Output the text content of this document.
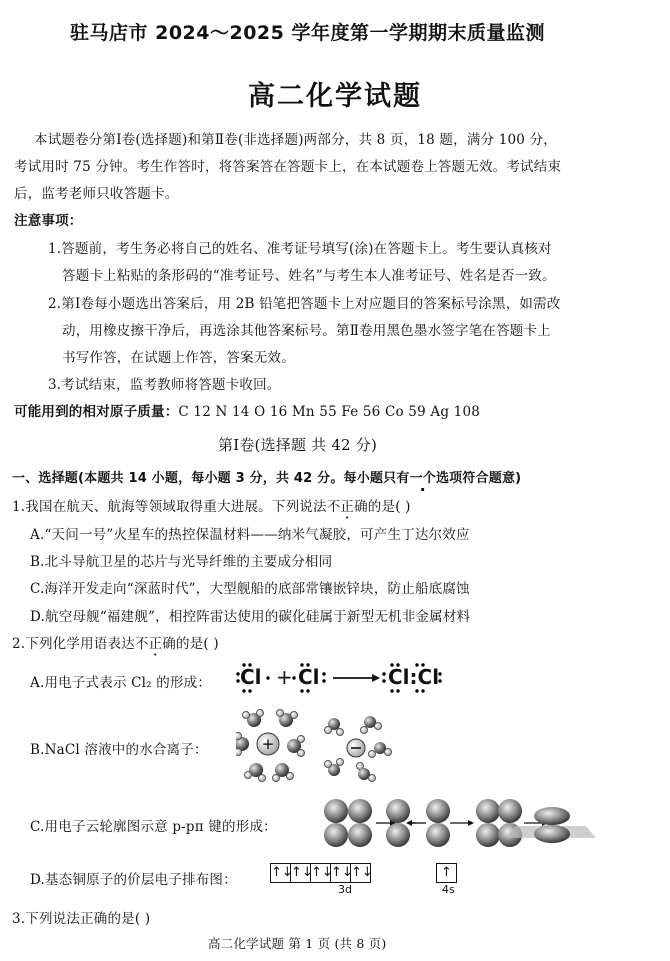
驻马店市 2024～2025 学年度第一学期期末质量监测
高二化学试题
本试题卷分第Ⅰ卷(选择题)和第Ⅱ卷(非选择题)两部分，共 8 页，18 题，满分 100 分，
考试用时 75 分钟。考生作答时，将答案答在答题卡上，在本试题卷上答题无效。考试结束
后，监考老师只收答题卡。
注意事项：
1.答题前，考生务必将自己的姓名、准考证号填写(涂)在答题卡上。考生要认真核对
答题卡上粘贴的条形码的“准考证号、姓名”与考生本人准考证号、姓名是否一致。
2.第Ⅰ卷每小题选出答案后，用 2B 铅笔把答题卡上对应题目的答案标号涂黑，如需改
动，用橡皮擦干净后，再选涂其他答案标号。第Ⅱ卷用黑色墨水签字笔在答题卡上
书写作答，在试题上作答，答案无效。
3.考试结束，监考教师将答题卡收回。
可能用到的相对原子质量：C 12 N 14 O 16 Mn 55 Fe 56 Co 59 Ag 108
第Ⅰ卷(选择题 共 42 分)
一、选择题(本题共 14 小题，每小题 3 分，共 42 分。每小题只有一个选项符合题意)
1.我国在航天、航海等领域取得重大进展。下列说法不正确的是( )
A.“天问一号”火星车的热控保温材料——纳米气凝胶，可产生丁达尔效应
B.北斗导航卫星的芯片与光导纤维的主要成分相同
C.海洋开发走向“深蓝时代”，大型舰船的底部常镶嵌锌块，防止船底腐蚀
D.航空母舰“福建舰”，相控阵雷达使用的碳化硅属于新型无机非金属材料
2.下列化学用语表达不正确的是( )
A.用电子式表示 Cl₂ 的形成： Cl + Cl	Cl:Cl
B.NaCl 溶液中的水合离子：	+
C.用电子云轮廓图示意 p-pπ 键的形成：
D.基态铜原子的价层电子排布图：	↑↓
↑↓
↑↓
↑↓
↑↓
3d
↑
4s
3.下列说法正确的是( )
高二化学试题 第 1 页 (共 8 页)
